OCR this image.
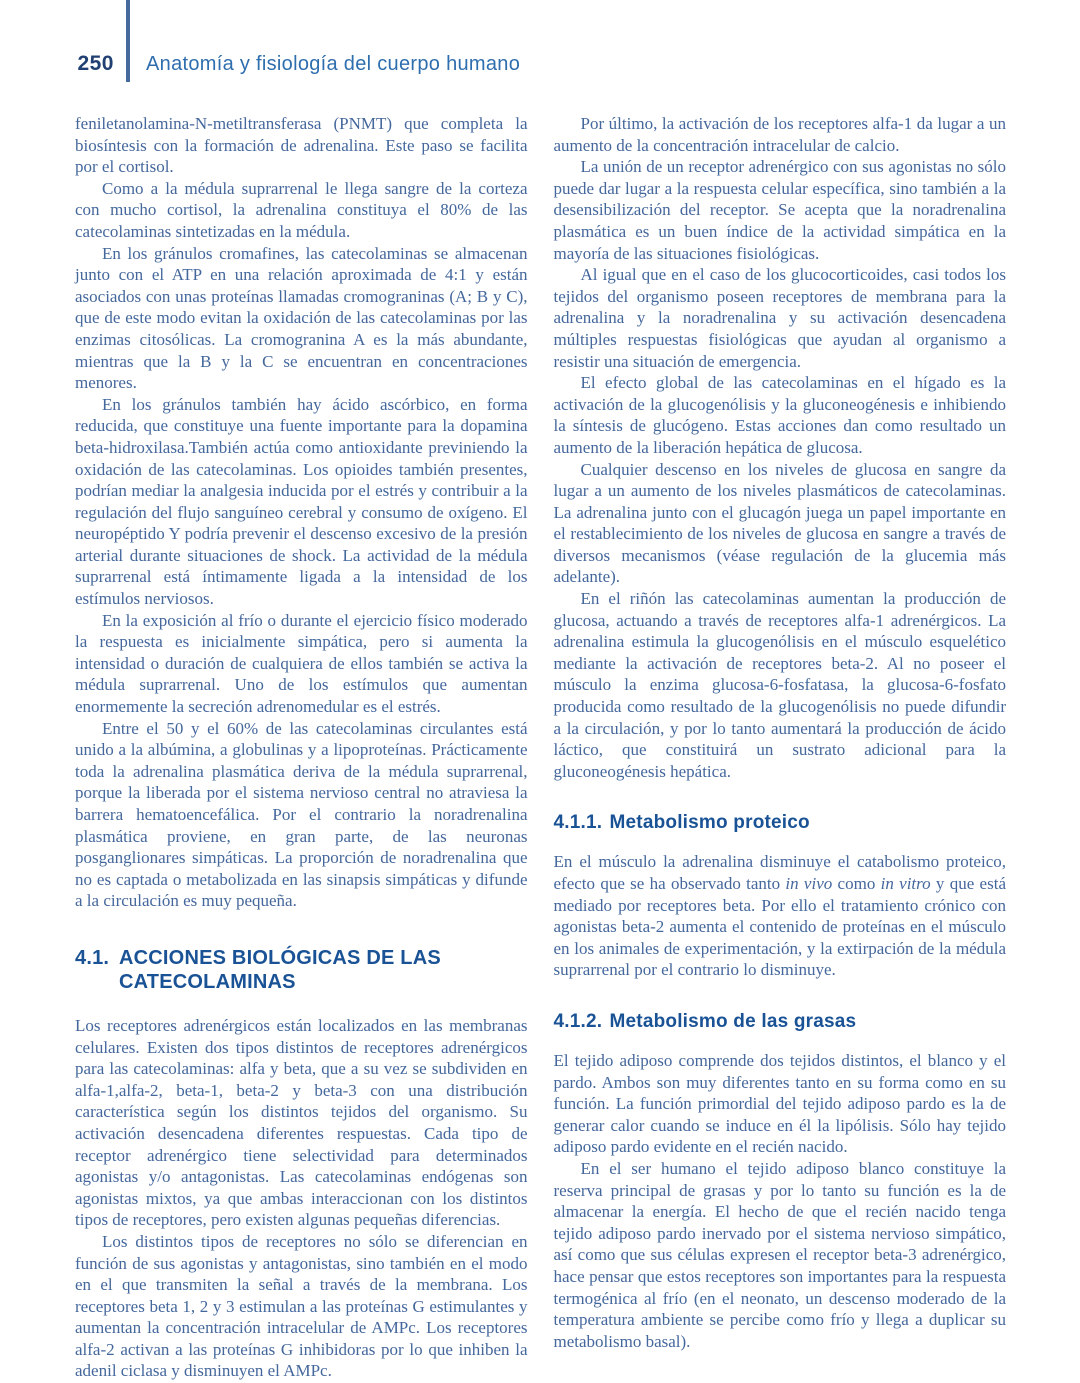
250 Anatomía y fisiología del cuerpo humano

feniletanolamina-N-metiltransferasa (PNMT) que completa la biosíntesis con la formación de adrenalina. Este paso se facilita por el cortisol.

Como a la médula suprarrenal le llega sangre de la corteza con mucho cortisol, la adrenalina constituya el 80% de las catecolaminas sintetizadas en la médula.

En los gránulos cromafines, las catecolaminas se almacenan junto con el ATP en una relación aproximada de 4:1 y están asociados con unas proteínas llamadas cromograninas (A; B y C), que de este modo evitan la oxidación de las catecolaminas por las enzimas citosólicas. La cromogranina A es la más abundante, mientras que la B y la C se encuentran en concentraciones menores.

En los gránulos también hay ácido ascórbico, en forma reducida, que constituye una fuente importante para la dopamina beta-hidroxilasa.También actúa como antioxidante previniendo la oxidación de las catecolaminas. Los opioides también presentes, podrían mediar la analgesia inducida por el estrés y contribuir a la regulación del flujo sanguíneo cerebral y consumo de oxígeno. El neuropéptido Y podría prevenir el descenso excesivo de la presión arterial durante situaciones de shock. La actividad de la médula suprarrenal está íntimamente ligada a la intensidad de los estímulos nerviosos.

En la exposición al frío o durante el ejercicio físico moderado la respuesta es inicialmente simpática, pero si aumenta la intensidad o duración de cualquiera de ellos también se activa la médula suprarrenal. Uno de los estímulos que aumentan enormemente la secreción adrenomedular es el estrés.

Entre el 50 y el 60% de las catecolaminas circulantes está unido a la albúmina, a globulinas y a lipoproteínas. Prácticamente toda la adrenalina plasmática deriva de la médula suprarrenal, porque la liberada por el sistema nervioso central no atraviesa la barrera hematoencefálica. Por el contrario la noradrenalina plasmática proviene, en gran parte, de las neuronas posganglionares simpáticas. La proporción de noradrenalina que no es captada o metabolizada en las sinapsis simpáticas y difunde a la circulación es muy pequeña.

4.1. ACCIONES BIOLÓGICAS DE LAS CATECOLAMINAS

Los receptores adrenérgicos están localizados en las membranas celulares. Existen dos tipos distintos de receptores adrenérgicos para las catecolaminas: alfa y beta, que a su vez se subdividen en alfa-1,alfa-2, beta-1, beta-2 y beta-3 con una distribución característica según los distintos tejidos del organismo. Su activación desencadena diferentes respuestas. Cada tipo de receptor adrenérgico tiene selectividad para determinados agonistas y/o antagonistas. Las catecolaminas endógenas son agonistas mixtos, ya que ambas interaccionan con los distintos tipos de receptores, pero existen algunas pequeñas diferencias.

Los distintos tipos de receptores no sólo se diferencian en función de sus agonistas y antagonistas, sino también en el modo en el que transmiten la señal a través de la membrana. Los receptores beta 1, 2 y 3 estimulan a las proteínas G estimulantes y aumentan la concentración intracelular de AMPc. Los receptores alfa-2 activan a las proteínas G inhibidoras por lo que inhiben la adenil ciclasa y disminuyen el AMPc.

Por último, la activación de los receptores alfa-1 da lugar a un aumento de la concentración intracelular de calcio.

La unión de un receptor adrenérgico con sus agonistas no sólo puede dar lugar a la respuesta celular específica, sino también a la desensibilización del receptor. Se acepta que la noradrenalina plasmática es un buen índice de la actividad simpática en la mayoría de las situaciones fisiológicas.

Al igual que en el caso de los glucocorticoides, casi todos los tejidos del organismo poseen receptores de membrana para la adrenalina y la noradrenalina y su activación desencadena múltiples respuestas fisiológicas que ayudan al organismo a resistir una situación de emergencia.

El efecto global de las catecolaminas en el hígado es la activación de la glucogenólisis y la gluconeogénesis e inhibiendo la síntesis de glucógeno. Estas acciones dan como resultado un aumento de la liberación hepática de glucosa.

Cualquier descenso en los niveles de glucosa en sangre da lugar a un aumento de los niveles plasmáticos de catecolaminas. La adrenalina junto con el glucagón juega un papel importante en el restablecimiento de los niveles de glucosa en sangre a través de diversos mecanismos (véase regulación de la glucemia más adelante).

En el riñón las catecolaminas aumentan la producción de glucosa, actuando a través de receptores alfa-1 adrenérgicos. La adrenalina estimula la glucogenólisis en el músculo esquelético mediante la activación de receptores beta-2. Al no poseer el músculo la enzima glucosa-6-fosfatasa, la glucosa-6-fosfato producida como resultado de la glucogenólisis no puede difundir a la circulación, y por lo tanto aumentará la producción de ácido láctico, que constituirá un sustrato adicional para la gluconeogénesis hepática.

4.1.1. Metabolismo proteico

En el músculo la adrenalina disminuye el catabolismo proteico, efecto que se ha observado tanto in vivo como in vitro y que está mediado por receptores beta. Por ello el tratamiento crónico con agonistas beta-2 aumenta el contenido de proteínas en el músculo en los animales de experimentación, y la extirpación de la médula suprarrenal por el contrario lo disminuye.

4.1.2. Metabolismo de las grasas

El tejido adiposo comprende dos tejidos distintos, el blanco y el pardo. Ambos son muy diferentes tanto en su forma como en su función. La función primordial del tejido adiposo pardo es la de generar calor cuando se induce en él la lipólisis. Sólo hay tejido adiposo pardo evidente en el recién nacido.

En el ser humano el tejido adiposo blanco constituye la reserva principal de grasas y por lo tanto su función es la de almacenar la energía. El hecho de que el recién nacido tenga tejido adiposo pardo inervado por el sistema nervioso simpático, así como que sus células expresen el receptor beta-3 adrenérgico, hace pensar que estos receptores son importantes para la respuesta termogénica al frío (en el neonato, un descenso moderado de la temperatura ambiente se percibe como frío y llega a duplicar su metabolismo basal).
